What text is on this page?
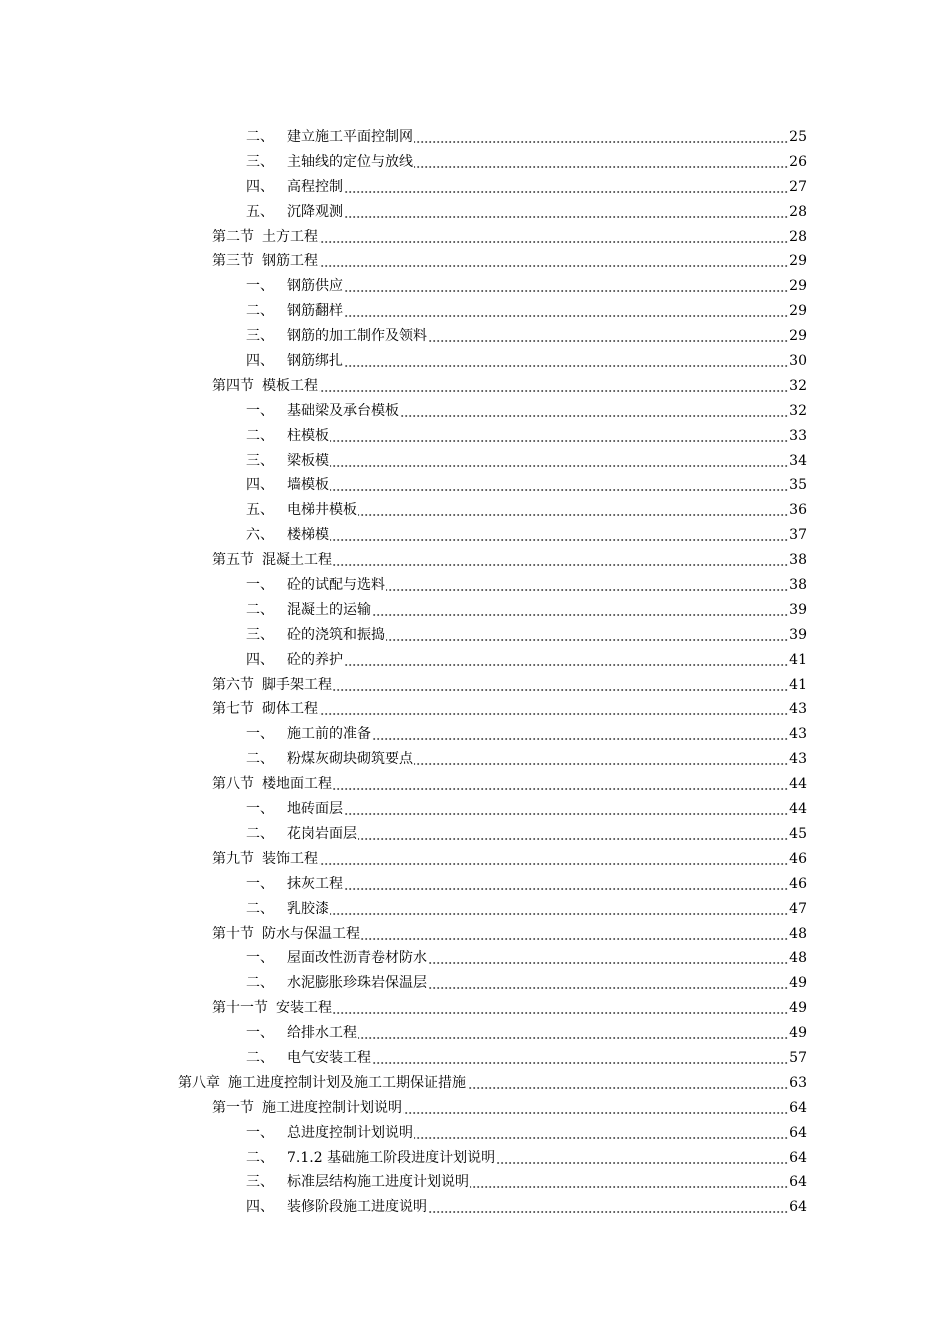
二、 建立施工平面控制网	25
三、 主轴线的定位与放线	26
四、 高程控制	27
五、 沉降观测	28
第二节 土方工程	28
第三节 钢筋工程	29
一、 钢筋供应	29
二、 钢筋翻样	29
三、 钢筋的加工制作及领料	29
四、 钢筋绑扎	30
第四节 模板工程	32
一、 基础梁及承台模板	32
二、 柱模板	33
三、 梁板模	34
四、 墙模板	35
五、 电梯井模板	36
六、 楼梯模	37
第五节 混凝土工程	38
一、 砼的试配与选料	38
二、 混凝土的运输	39
三、 砼的浇筑和振捣	39
四、 砼的养护	41
第六节 脚手架工程	41
第七节 砌体工程	43
一、 施工前的准备	43
二、 粉煤灰砌块砌筑要点	43
第八节 楼地面工程	44
一、 地砖面层	44
二、 花岗岩面层	45
第九节 装饰工程	46
一、 抹灰工程	46
二、 乳胶漆	47
第十节 防水与保温工程	48
一、 屋面改性沥青卷材防水	48
二、 水泥膨胀珍珠岩保温层	49
第十一节 安装工程	49
一、 给排水工程	49
二、 电气安装工程	57
第八章 施工进度控制计划及施工工期保证措施	63
第一节 施工进度控制计划说明	64
一、 总进度控制计划说明	64
二、 7.1.2 基础施工阶段进度计划说明	64
三、 标准层结构施工进度计划说明	64
四、 装修阶段施工进度说明	64
